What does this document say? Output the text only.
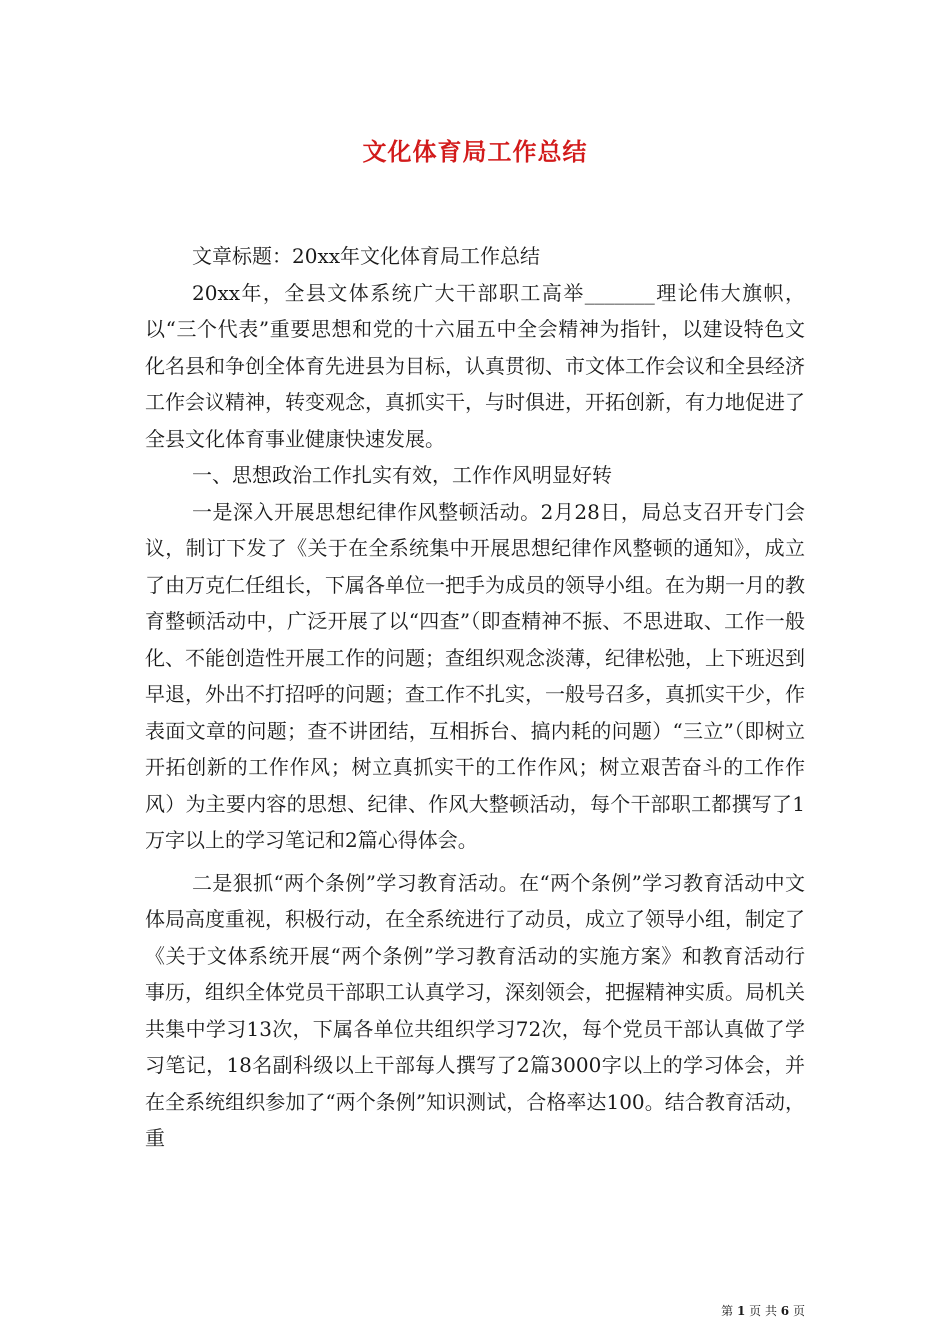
文化体育局工作总结

文章标题：20xx年文化体育局工作总结

20xx年，全县文体系统广大干部职工高举_______理论伟大旗帜，以“三个代表”重要思想和党的十六届五中全会精神为指针，以建设特色文化名县和争创全体育先进县为目标，认真贯彻、市文体工作会议和全县经济工作会议精神，转变观念，真抓实干，与时俱进，开拓创新，有力地促进了全县文化体育事业健康快速发展。

一、思想政治工作扎实有效，工作作风明显好转

一是深入开展思想纪律作风整顿活动。2月28日，局总支召开专门会议，制订下发了《关于在全系统集中开展思想纪律作风整顿的通知》，成立了由万克仁任组长，下属各单位一把手为成员的领导小组。在为期一月的教育整顿活动中，广泛开展了以“四查”（即查精神不振、不思进取、工作一般化、不能创造性开展工作的问题；查组织观念淡薄，纪律松弛，上下班迟到早退，外出不打招呼的问题；查工作不扎实，一般号召多，真抓实干少，作表面文章的问题；查不讲团结，互相拆台、搞内耗的问题）“三立”（即树立开拓创新的工作作风；树立真抓实干的工作作风；树立艰苦奋斗的工作作风）为主要内容的思想、纪律、作风大整顿活动，每个干部职工都撰写了1万字以上的学习笔记和2篇心得体会。

二是狠抓“两个条例”学习教育活动。在“两个条例”学习教育活动中文体局高度重视，积极行动，在全系统进行了动员，成立了领导小组，制定了《关于文体系统开展“两个条例”学习教育活动的实施方案》和教育活动行事历，组织全体党员干部职工认真学习，深刻领会，把握精神实质。局机关共集中学习13次，下属各单位共组织学习72次，每个党员干部认真做了学习笔记，18名副科级以上干部每人撰写了2篇3000字以上的学习体会，并在全系统组织参加了“两个条例”知识测试，合格率达100。结合教育活动，重

第 1 页 共 6 页
